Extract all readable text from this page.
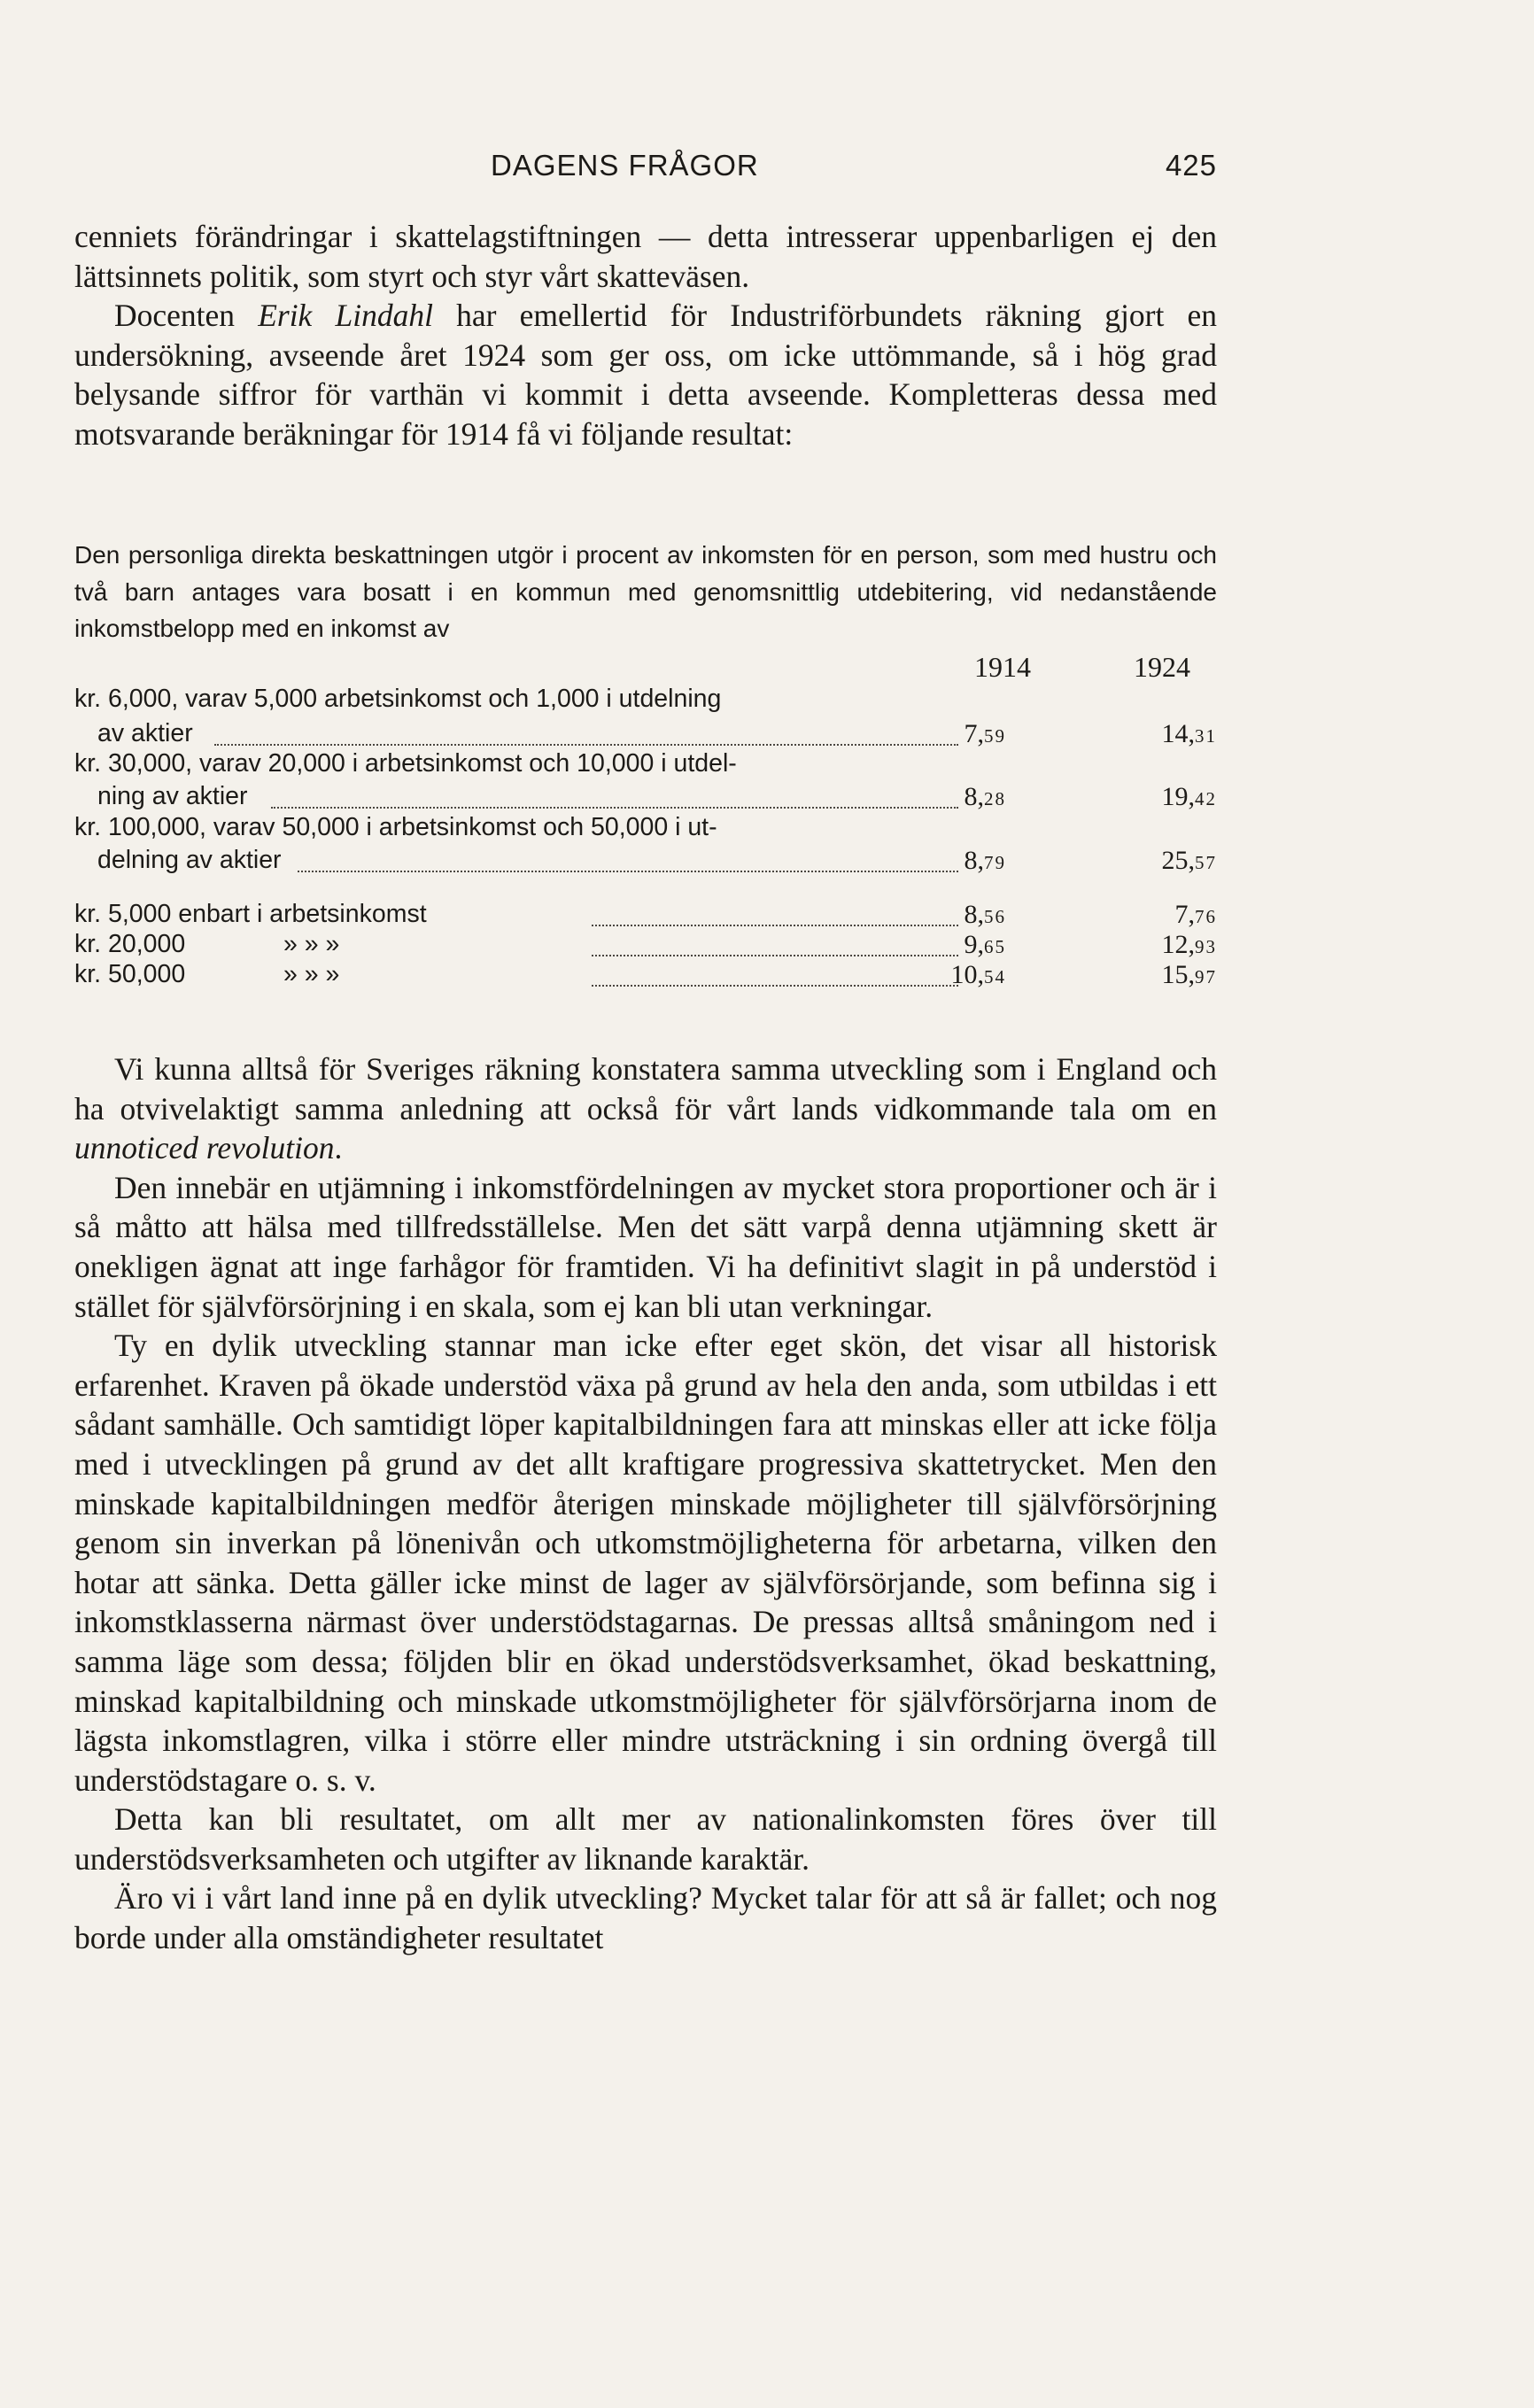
DAGENS FRÅGOR	425

cenniets förändringar i skattelagstiftningen — detta intresserar uppenbarligen ej den lättsinnets politik, som styrt och styr vårt skatteväsen.

Docenten Erik Lindahl har emellertid för Industriförbundets räkning gjort en undersökning, avseende året 1924 som ger oss, om icke uttömmande, så i hög grad belysande siffror för varthän vi kommit i detta avseende. Kompletteras dessa med motsvarande beräkningar för 1914 få vi följande resultat:

Den personliga direkta beskattningen utgör i procent av inkomsten för en person, som med hustru och två barn antages vara bosatt i en kommun med genomsnittlig utdebitering, vid nedanstående inkomstbelopp med en inkomst av

1914	1924
kr. 6,000, varav 5,000 arbetsinkomst och 1,000 i utdelning
av aktier	7,59	14,31
kr. 30,000, varav 20,000 i arbetsinkomst och 10,000 i utdel-
ning av aktier	8,28	19,42
kr. 100,000, varav 50,000 i arbetsinkomst och 50,000 i ut-
delning av aktier	8,79	25,57
kr. 5,000 enbart i arbetsinkomst	8,56	7,76
kr. 20,000	» » »	9,65	12,93
kr. 50,000	» » »	10,54	15,97

Vi kunna alltså för Sveriges räkning konstatera samma utveckling som i England och ha otvivelaktigt samma anledning att också för vårt lands vidkommande tala om en unnoticed revolution.

Den innebär en utjämning i inkomstfördelningen av mycket stora proportioner och är i så måtto att hälsa med tillfredsställelse. Men det sätt varpå denna utjämning skett är onekligen ägnat att inge farhågor för framtiden. Vi ha definitivt slagit in på understöd i stället för självförsörjning i en skala, som ej kan bli utan verkningar.

Ty en dylik utveckling stannar man icke efter eget skön, det visar all historisk erfarenhet. Kraven på ökade understöd växa på grund av hela den anda, som utbildas i ett sådant samhälle. Och samtidigt löper kapitalbildningen fara att minskas eller att icke följa med i utvecklingen på grund av det allt kraftigare progressiva skattetrycket. Men den minskade kapitalbildningen medför återigen minskade möjligheter till självförsörjning genom sin inverkan på lönenivån och utkomstmöjligheterna för arbetarna, vilken den hotar att sänka. Detta gäller icke minst de lager av självförsörjande, som befinna sig i inkomstklasserna närmast över understödstagarnas. De pressas alltså småningom ned i samma läge som dessa; följden blir en ökad understödsverksamhet, ökad beskattning, minskad kapitalbildning och minskade utkomstmöjligheter för självförsörjarna inom de lägsta inkomstlagren, vilka i större eller mindre utsträckning i sin ordning övergå till understödstagare o. s. v.

Detta kan bli resultatet, om allt mer av nationalinkomsten föres över till understödsverksamheten och utgifter av liknande karaktär.

Äro vi i vårt land inne på en dylik utveckling? Mycket talar för att så är fallet; och nog borde under alla omständigheter resultatet
